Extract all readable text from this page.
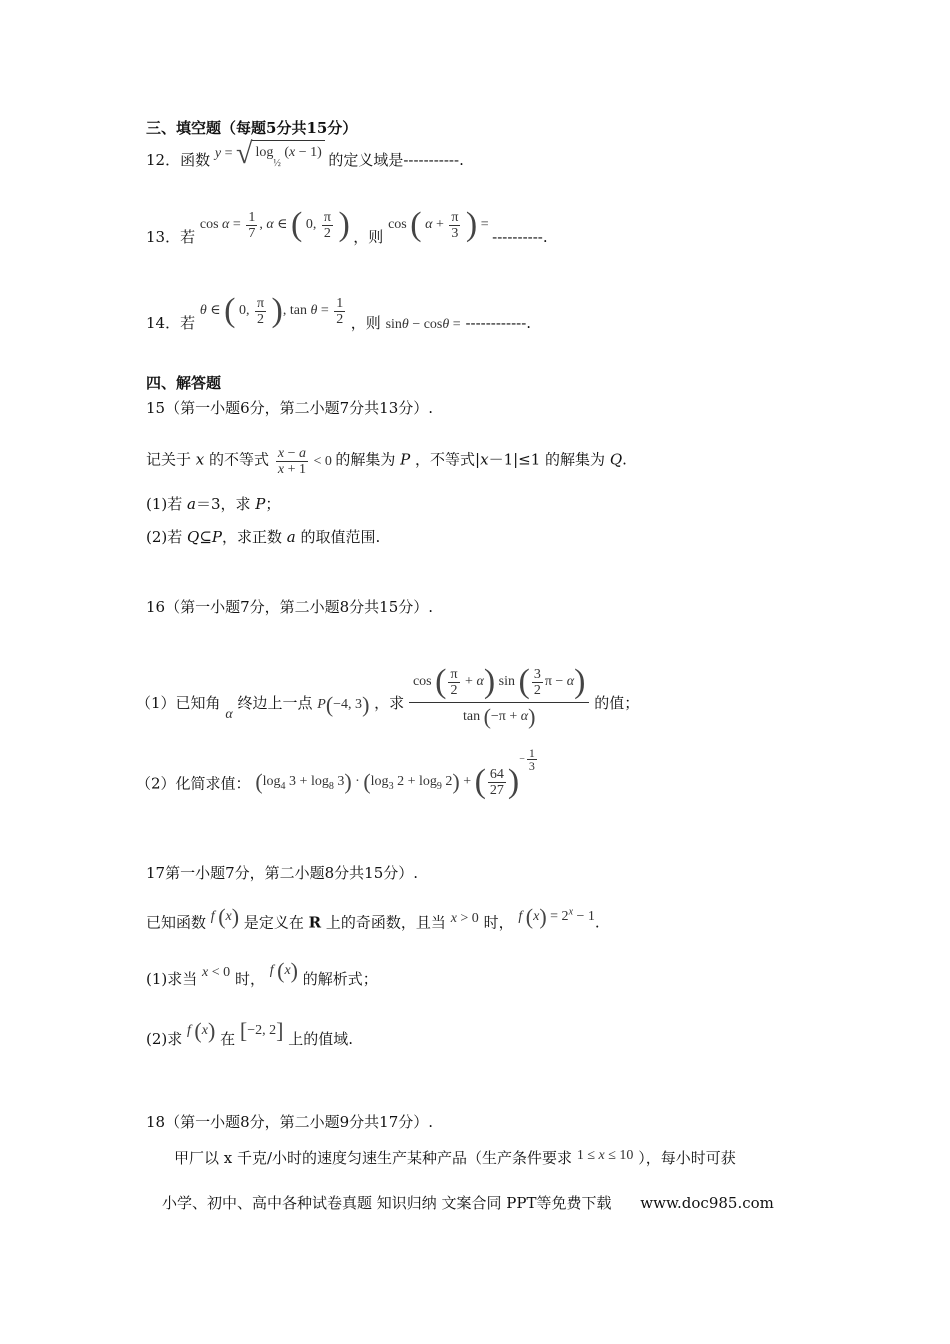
三、填空题（每题5分共15分）
12．函数 y = √ $\log_{\frac{1}{2}} (x - 1)$ 的定义域是-----------.
13．若 $\cos \alpha = \frac{1}{7}$ , α ∈ ( 0, $\frac{\pi}{2}$ ) ，则 cos ( $\alpha + \frac{\pi}{3}$ ) = ----------.
14．若 θ ∈ ( 0, $\frac{\pi}{2}$ ), $\tan \theta = \frac{1}{2}$ ，则 sinθ − cosθ = ------------.
四、解答题
15（第一小题6分，第二小题7分共13分）.
记关于 x 的不等式 $\frac{x - a}{x + 1} < 0$ 的解集为 P ，不等式|x－1|≤1 的解集为 Q.
(1)若 a＝3，求 P；
(2)若 Q⊆P，求正数 a 的取值范围.
16（第一小题7分，第二小题8分共15分）.
（1）已知角 α 终边上一点 P(−4, 3) ，求 $\frac{\cos ( \frac{\pi}{2} + \alpha) \sin ( \frac{3}{2} \pi - \alpha)}{\tan (-\pi + \alpha)}$ 的值；
（2）化简求值： ($\log_4$ $3 + \log_8 3) \cdot (\log_3$ $2 + \log_9 2$) + ( $\frac{64}{27} )^{- \frac{1}{3}}$
17第一小题7分，第二小题8分共15分）.
已知函数 f (x) 是定义在 R 上的奇函数，且当 x > 0 时， f $(x) = 2^x - 1$.
(1)求当 x < 0 时， f (x) 的解析式；
(2)求 f (x) 在 [−2, 2] 上的值域.
18（第一小题8分，第二小题9分共17分）.
甲厂以 x 千克/小时的速度匀速生产某种产品（生产条件要求 1 ≤ x ≤ 10 ），每小时可获
小学、初中、高中各种试卷真题 知识归纳 文案合同 PPT等免费下载 www.doc985.com
